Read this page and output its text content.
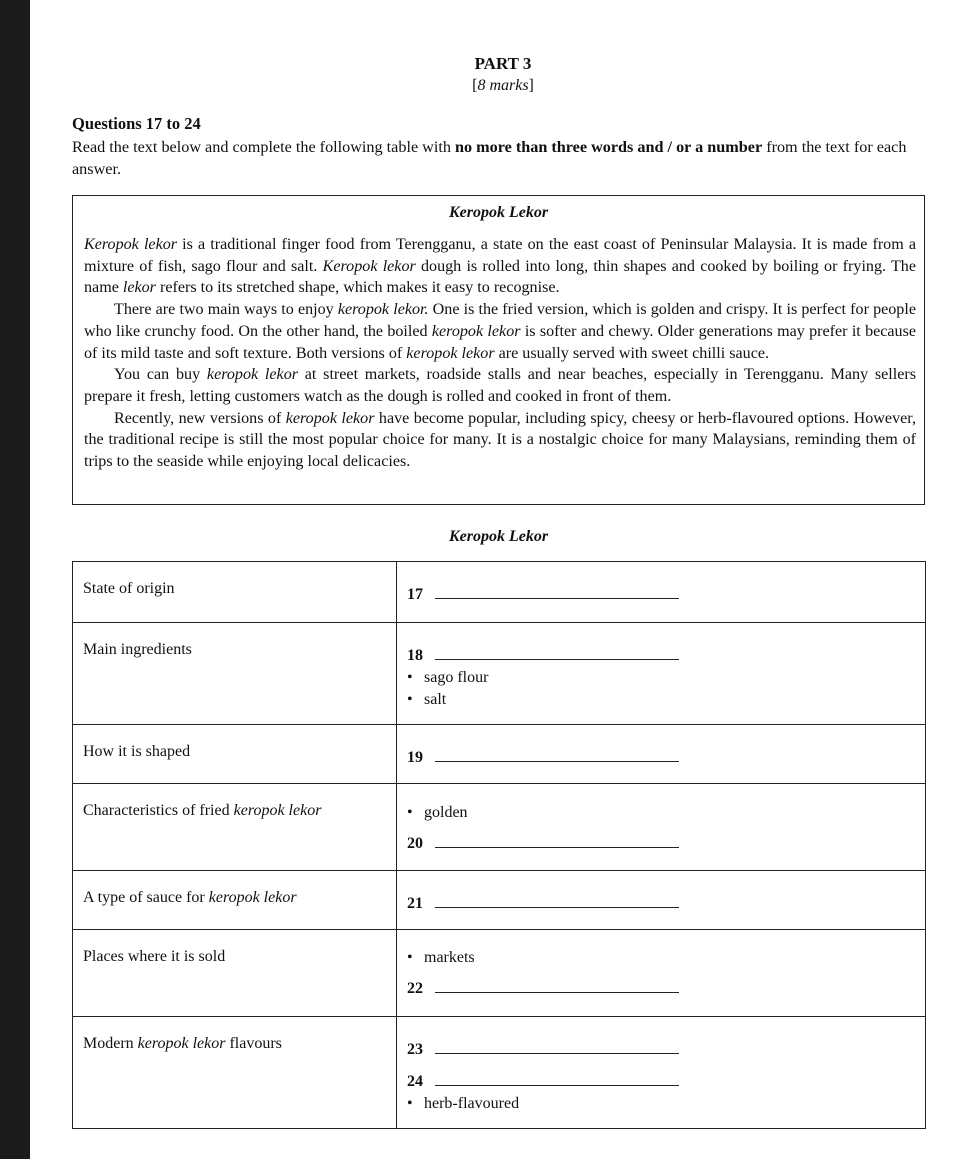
PART 3
[8 marks]
Questions 17 to 24
Read the text below and complete the following table with no more than three words and / or a number from the text for each answer.
Keropok Lekor

Keropok lekor is a traditional finger food from Terengganu, a state on the east coast of Peninsular Malaysia. It is made from a mixture of fish, sago flour and salt. Keropok lekor dough is rolled into long, thin shapes and cooked by boiling or frying. The name lekor refers to its stretched shape, which makes it easy to recognise.

There are two main ways to enjoy keropok lekor. One is the fried version, which is golden and crispy. It is perfect for people who like crunchy food. On the other hand, the boiled keropok lekor is softer and chewy. Older generations may prefer it because of its mild taste and soft texture. Both versions of keropok lekor are usually served with sweet chilli sauce.

You can buy keropok lekor at street markets, roadside stalls and near beaches, especially in Terengganu. Many sellers prepare it fresh, letting customers watch as the dough is rolled and cooked in front of them.

Recently, new versions of keropok lekor have become popular, including spicy, cheesy or herb-flavoured options. However, the traditional recipe is still the most popular choice for many. It is a nostalgic choice for many Malaysians, reminding them of trips to the seaside while enjoying local delicacies.

Keropok Lekor
State of origin	17

Main ingredients	18
• sago flour
• salt

How it is shaped	19

Characteristics of fried keropok lekor	• golden
20

A type of sauce for keropok lekor	21

Places where it is sold	• markets
22

Modern keropok lekor flavours	23
24
• herb-flavoured
